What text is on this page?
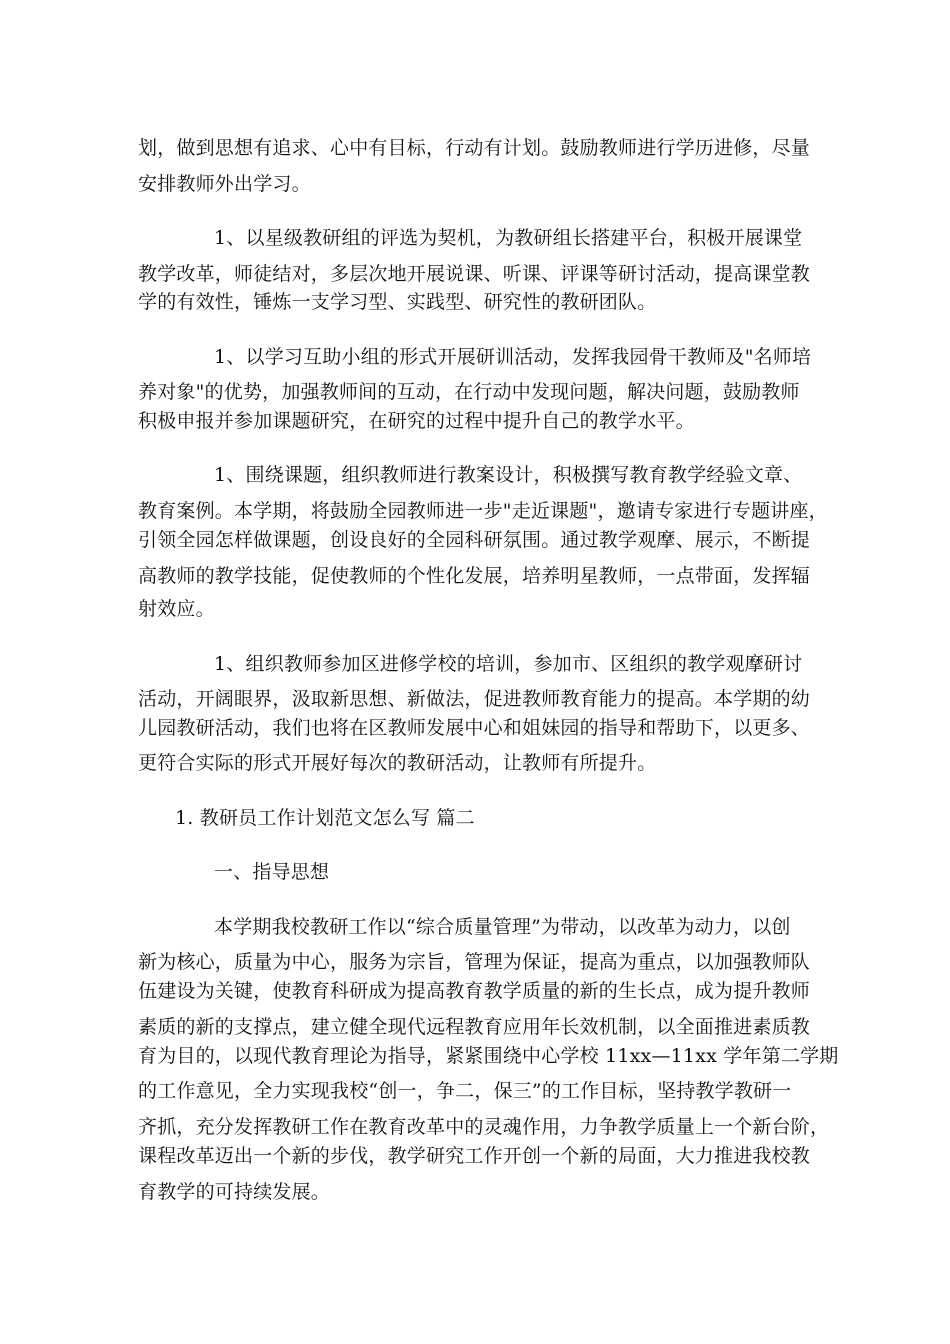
划，做到思想有追求、心中有目标，行动有计划。鼓励教师进行学历进修，尽量
安排教师外出学习。
1、以星级教研组的评选为契机，为教研组长搭建平台，积极开展课堂
教学改革，师徒结对，多层次地开展说课、听课、评课等研讨活动，提高课堂教
学的有效性，锤炼一支学习型、实践型、研究性的教研团队。
1、以学习互助小组的形式开展研训活动，发挥我园骨干教师及"名师培
养对象"的优势，加强教师间的互动，在行动中发现问题，解决问题，鼓励教师
积极申报并参加课题研究，在研究的过程中提升自己的教学水平。
1、围绕课题，组织教师进行教案设计，积极撰写教育教学经验文章、
教育案例。本学期，将鼓励全园教师进一步"走近课题"，邀请专家进行专题讲座，
引领全园怎样做课题，创设良好的全园科研氛围。通过教学观摩、展示，不断提
高教师的教学技能，促使教师的个性化发展，培养明星教师，一点带面，发挥辐
射效应。
1、组织教师参加区进修学校的培训，参加市、区组织的教学观摩研讨
活动，开阔眼界，汲取新思想、新做法，促进教师教育能力的提高。本学期的幼
儿园教研活动，我们也将在区教师发展中心和姐妹园的指导和帮助下，以更多、
更符合实际的形式开展好每次的教研活动，让教师有所提升。
1. 教研员工作计划范文怎么写 篇二
一、指导思想
本学期我校教研工作以“综合质量管理”为带动，以改革为动力，以创
新为核心，质量为中心，服务为宗旨，管理为保证，提高为重点，以加强教师队
伍建设为关键，使教育科研成为提高教育教学质量的新的生长点，成为提升教师
素质的新的支撑点，建立健全现代远程教育应用年长效机制，以全面推进素质教
育为目的，以现代教育理论为指导，紧紧围绕中心学校 11xx—11xx 学年第二学期
的工作意见，全力实现我校“创一，争二，保三”的工作目标，坚持教学教研一
齐抓，充分发挥教研工作在教育改革中的灵魂作用，力争教学质量上一个新台阶，
课程改革迈出一个新的步伐，教学研究工作开创一个新的局面，大力推进我校教
育教学的可持续发展。
